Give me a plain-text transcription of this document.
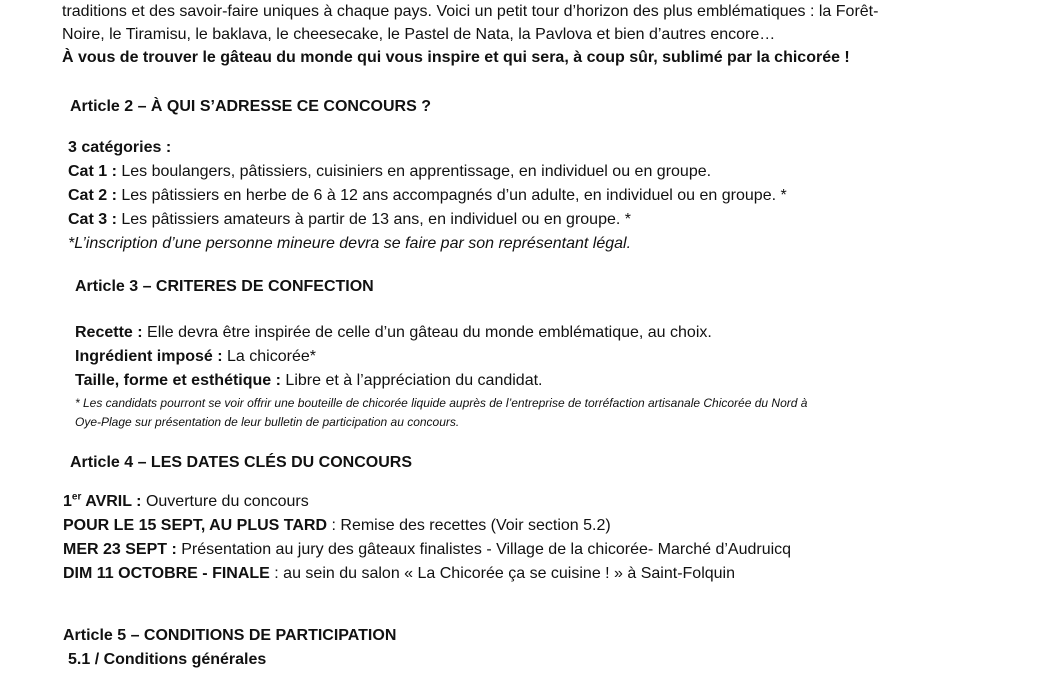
traditions et des savoir-faire uniques à chaque pays. Voici un petit tour d’horizon des plus emblématiques : la Forêt-
Noire, le Tiramisu, le baklava, le cheesecake, le Pastel de Nata, la Pavlova et bien d’autres encore…
À vous de trouver le gâteau du monde qui vous inspire et qui sera, à coup sûr, sublimé par la chicorée !
Article 2 – À QUI S’ADRESSE CE CONCOURS ?
3 catégories :
Cat 1 : Les boulangers, pâtissiers, cuisiniers en apprentissage, en individuel ou en groupe.
Cat 2 : Les pâtissiers en herbe de 6 à 12 ans accompagnés d’un adulte, en individuel ou en groupe. *
Cat 3 : Les pâtissiers amateurs à partir de 13 ans, en individuel ou en groupe. *
*L’inscription d’une personne mineure devra se faire par son représentant légal.
Article 3 – CRITERES DE CONFECTION
Recette : Elle devra être inspirée de celle d’un gâteau du monde emblématique, au choix.
Ingrédient imposé : La chicorée*
Taille, forme et esthétique : Libre et à l’appréciation du candidat.
* Les candidats pourront se voir offrir une bouteille de chicorée liquide auprès de l’entreprise de torréfaction artisanale Chicorée du Nord à
Oye-Plage sur présentation de leur bulletin de participation au concours.
Article 4 – LES DATES CLÉS DU CONCOURS
1er AVRIL : Ouverture du concours
POUR LE 15 SEPT, AU PLUS TARD : Remise des recettes (Voir section 5.2)
MER 23 SEPT : Présentation au jury des gâteaux finalistes - Village de la chicorée- Marché d’Audruicq
DIM 11 OCTOBRE - FINALE : au sein du salon « La Chicorée ça se cuisine ! » à Saint-Folquin
Article 5 – CONDITIONS DE PARTICIPATION
5.1 / Conditions générales
